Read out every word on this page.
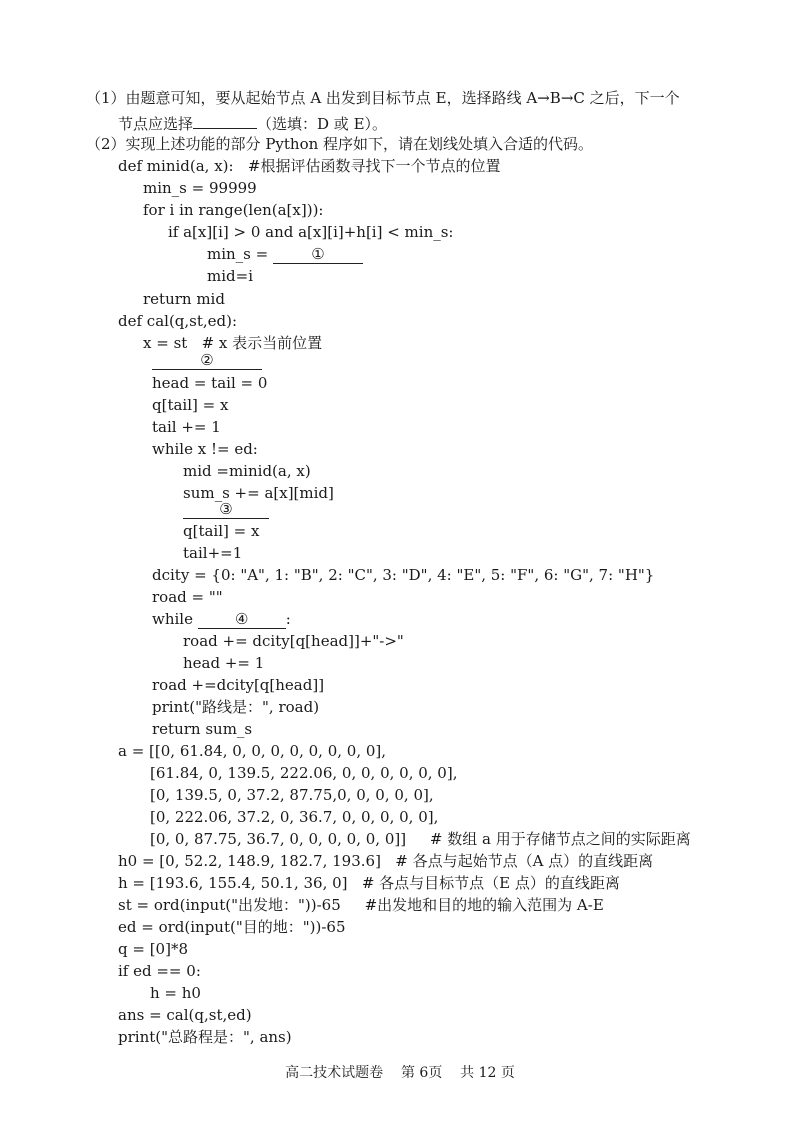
（1）由题意可知，要从起始节点 A 出发到目标节点 E，选择路线 A→B→C 之后，下一个
节点应选择	（选填：D 或 E）。
（2）实现上述功能的部分 Python 程序如下，请在划线处填入合适的代码。
def minid(a, x):   #根据评估函数寻找下一个节点的位置
min_s = 99999
for i in range(len(a[x])):
if a[x][i] > 0 and a[x][i]+h[i] < min_s:
min_s =	①
mid=i
return mid
def cal(q,st,ed):
x = st   # x 表示当前位置
②
head = tail = 0
q[tail] = x
tail += 1
while x != ed:
mid =minid(a, x)
sum_s += a[x][mid]
③
q[tail] = x
tail+=1
dcity = {0: "A", 1: "B", 2: "C", 3: "D", 4: "E", 5: "F", 6: "G", 7: "H"}
road = ""
while ④ :
road += dcity[q[head]]+"->"
head += 1
road +=dcity[q[head]]
print("路线是：", road)
return sum_s
a = [[0, 61.84, 0, 0, 0, 0, 0, 0, 0, 0],
[61.84, 0, 139.5, 222.06, 0, 0, 0, 0, 0, 0],
[0, 139.5, 0, 37.2, 87.75,0, 0, 0, 0, 0],
[0, 222.06, 37.2, 0, 36.7, 0, 0, 0, 0, 0],
[0, 0, 87.75, 36.7, 0, 0, 0, 0, 0, 0]]     # 数组 a 用于存储节点之间的实际距离
h0 = [0, 52.2, 148.9, 182.7, 193.6]   # 各点与起始节点（A 点）的直线距离
h = [193.6, 155.4, 50.1, 36, 0]   # 各点与目标节点（E 点）的直线距离
st = ord(input("出发地："))-65     #出发地和目的地的输入范围为 A-E
ed = ord(input("目的地："))-65
q = [0]*8
if ed == 0:
h = h0
ans = cal(q,st,ed)
print("总路程是：", ans)
高二技术试题卷    第 6页    共 12 页
